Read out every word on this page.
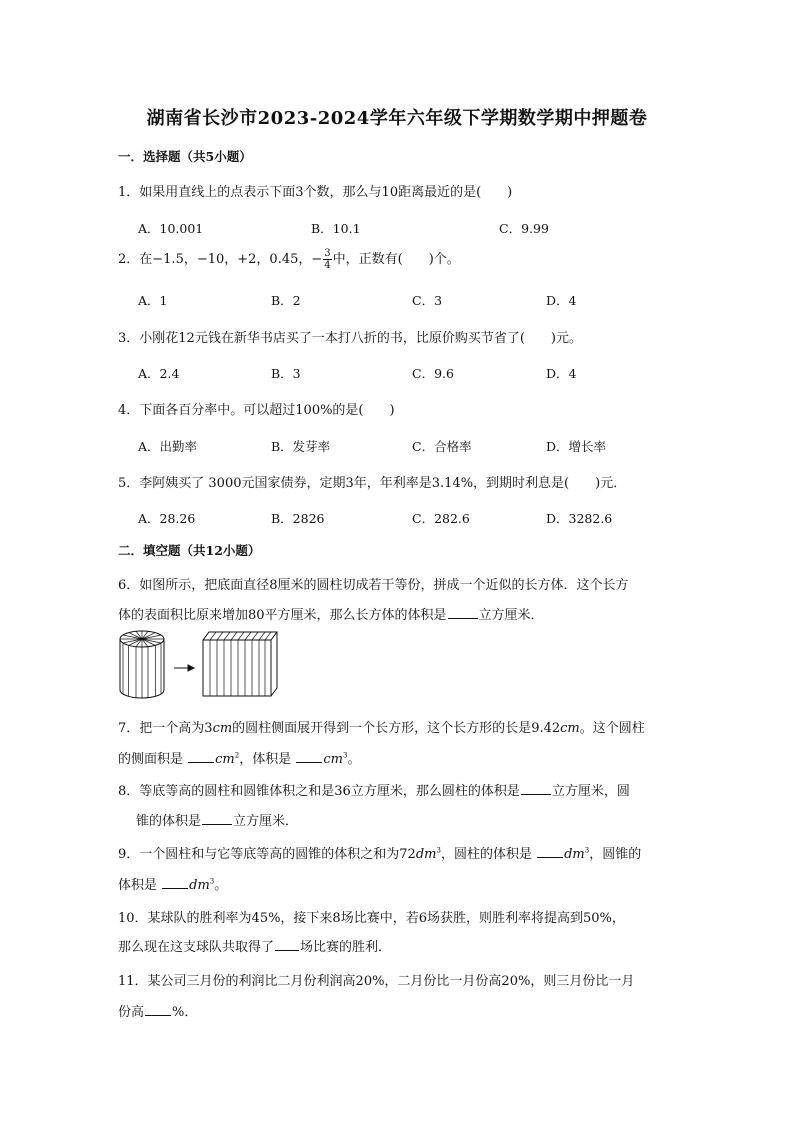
湖南省长沙市2023-2024学年六年级下学期数学期中押题卷
一．选择题（共5小题）
1．如果用直线上的点表示下面3个数，那么与10距离最近的是(　　)
A．10.001	B．10.1	C．9.99
2．在−1.5，−10，+2，0.45，− $\frac{3}{4}$ 中，正数有(　　)个。
A．1	B．2	C．3	D．4
3．小刚花12元钱在新华书店买了一本打八折的书，比原价购买节省了(　　)元。
A．2.4	B．3	C．9.6	D．4
4．下面各百分率中。可以超过100%的是(　　)
A．出勤率	B．发芽率	C．合格率	D．增长率
5．李阿姨买了 3000元国家债券，定期3年，年利率是3.14%，到期时利息是(　　)元．
A．28.26	B．2826	C．282.6	D．3282.6
二．填空题（共12小题）
6．如图所示，把底面直径8厘米的圆柱切成若干等份，拼成一个近似的长方体．这个长方
体的表面积比原来增加80平方厘米，那么长方体的体积是 立方厘米．
7．把一个高为3cm的圆柱侧面展开得到一个长方形，这个长方形的长是9.42cm。这个圆柱
的侧面积是 $cm^2$，体积是 $cm^3$。
8．等底等高的圆柱和圆锥体积之和是36立方厘米，那么圆柱的体积是 立方厘米，圆
锥的体积是 立方厘米．
9．一个圆柱和与它等底等高的圆锥的体积之和为$72dm^3$，圆柱的体积是 $dm^3$，圆锥的
体积是 $dm^3$。
10．某球队的胜利率为45%，接下来8场比赛中，若6场获胜，则胜利率将提高到50%，
那么现在这支球队共取得了 场比赛的胜利．
11．某公司三月份的利润比二月份利润高20%，二月份比一月份高20%，则三月份比一月
份高 %．
